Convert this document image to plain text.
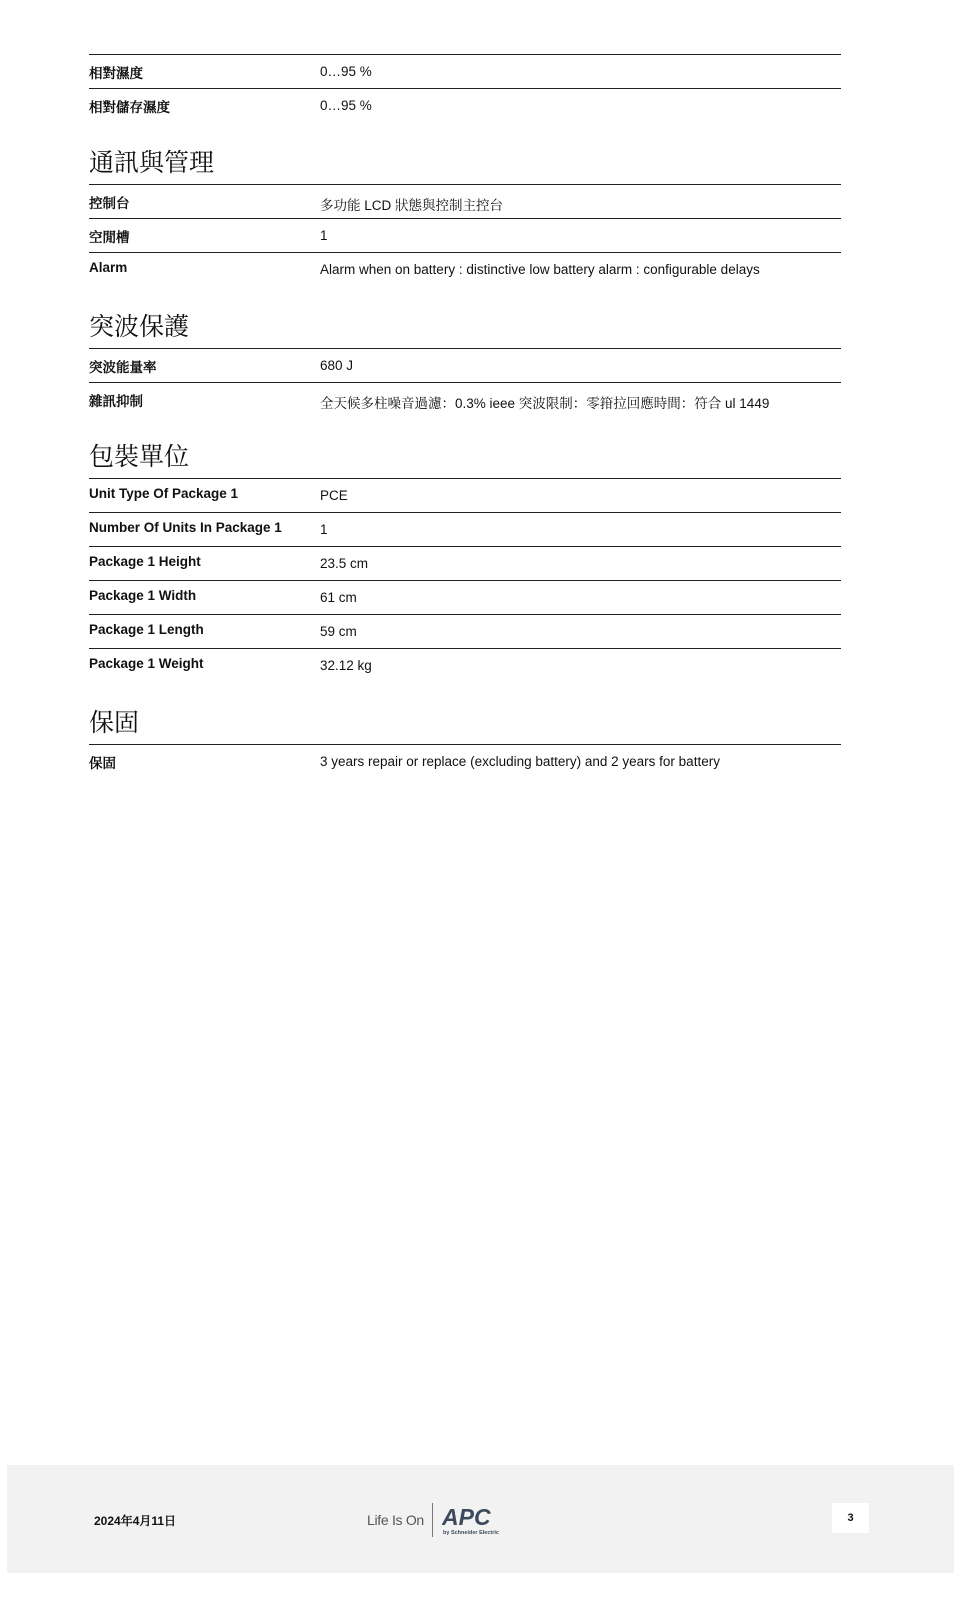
相對濕度	0…95 %
相對儲存濕度	0…95 %
通訊與管理
控制台	多功能 LCD 狀態與控制主控台
空閒槽	1
Alarm	Alarm when on battery : distinctive low battery alarm : configurable delays
突波保護
突波能量率	680 J
雜訊抑制	全天候多柱噪音過濾：0.3% ieee 突波限制：零箝拉回應時間：符合 ul 1449
包裝單位
Unit Type Of Package 1	PCE
Number Of Units In Package 1	1
Package 1 Height	23.5 cm
Package 1 Width	61 cm
Package 1 Length	59 cm
Package 1 Weight	32.12 kg
保固
保固	3 years repair or replace (excluding battery) and 2 years for battery
2024年4月11日	Life Is On APC
by Schneider Electric
3
